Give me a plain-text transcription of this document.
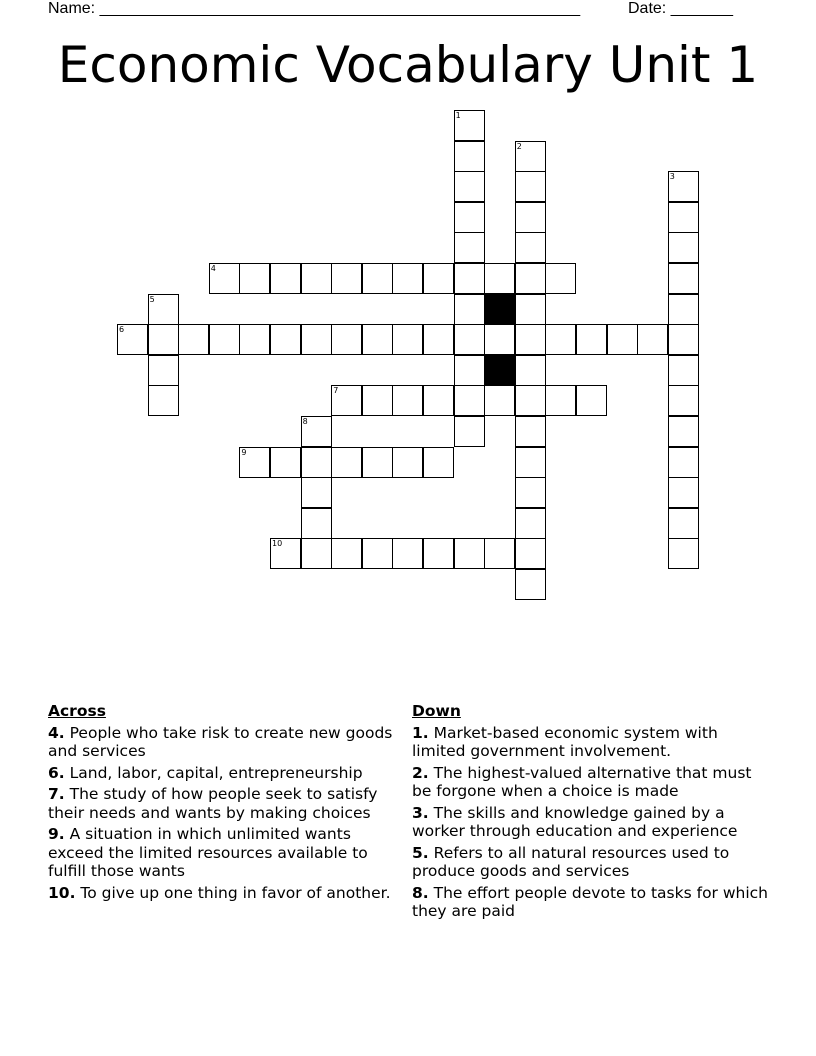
Name: ______________________________________________________	Date: _______
Economic Vocabulary Unit 1
1
2
3
4
5
6
7
8
9
10
Across
4. People who take risk to create new goods and services
6. Land, labor, capital, entrepreneurship
7. The study of how people seek to satisfy their needs and wants by making choices
9. A situation in which unlimited wants exceed the limited resources available to fulfill those wants
10. To give up one thing in favor of another.
Down
1. Market-based economic system with limited government involvement.
2. The highest-valued alternative that must be forgone when a choice is made
3. The skills and knowledge gained by a worker through education and experience
5. Refers to all natural resources used to produce goods and services
8. The effort people devote to tasks for which they are paid
